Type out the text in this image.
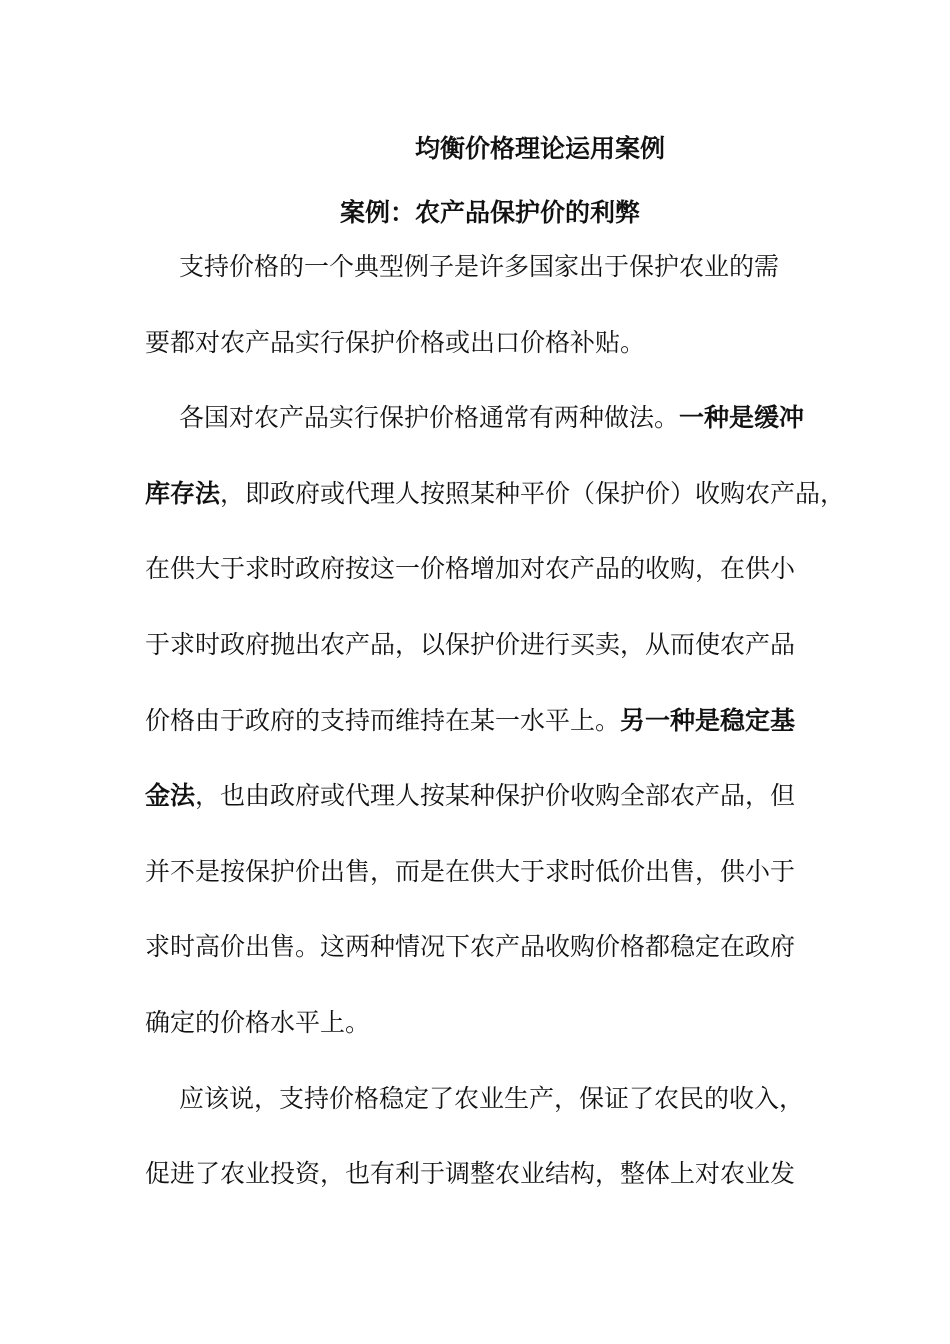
均衡价格理论运用案例
案例：农产品保护价的利弊
支持价格的一个典型例子是许多国家出于保护农业的需
要都对农产品实行保护价格或出口价格补贴。
各国对农产品实行保护价格通常有两种做法。一种是缓冲
库存法，即政府或代理人按照某种平价（保护价）收购农产品，
在供大于求时政府按这一价格增加对农产品的收购，在供小
于求时政府抛出农产品，以保护价进行买卖，从而使农产品
价格由于政府的支持而维持在某一水平上。另一种是稳定基
金法，也由政府或代理人按某种保护价收购全部农产品，但
并不是按保护价出售，而是在供大于求时低价出售，供小于
求时高价出售。这两种情况下农产品收购价格都稳定在政府
确定的价格水平上。
应该说，支持价格稳定了农业生产，保证了农民的收入，
促进了农业投资，也有利于调整农业结构，整体上对农业发
